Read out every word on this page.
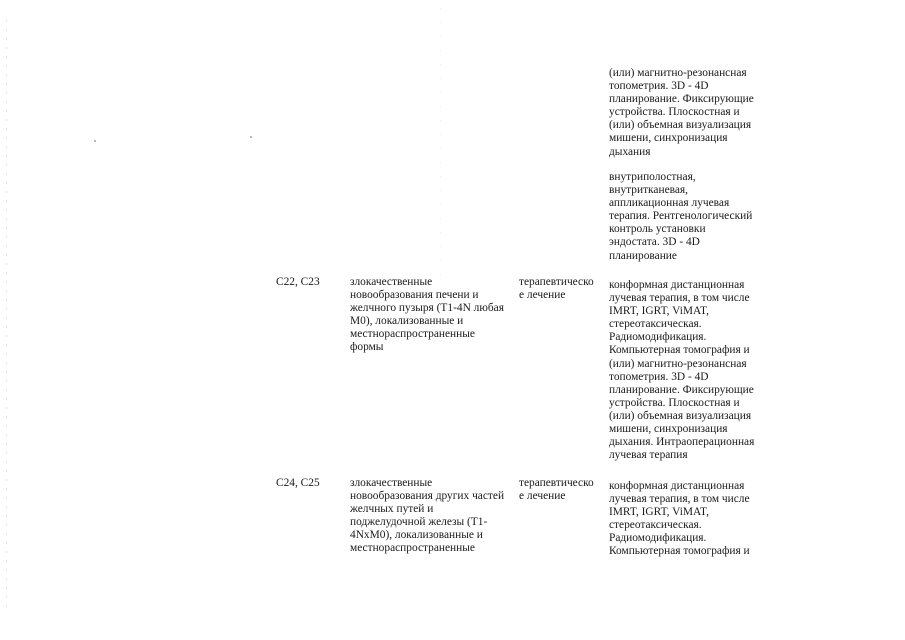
(или) магнитно-резонансная
топометрия. 3D - 4D
планирование. Фиксирующие
устройства. Плоскостная и
(или) объемная визуализация
мишени, синхронизация
дыхания
внутриполостная,
внутритканевая,
аппликационная лучевая
терапия. Рентгенологический
контроль установки
эндостата. 3D - 4D
планирование
C22, C23	злокачественные
новообразования печени и
желчного пузыря (T1-4N любая
M0), локализованные и
местнораспространенные
формы
терапевтическо
е лечение
конформная дистанционная
лучевая терапия, в том числе
IMRT, IGRT, ViMAT,
стереотаксическая.
Радиомодификация.
Компьютерная томография и
(или) магнитно-резонансная
топометрия. 3D - 4D
планирование. Фиксирующие
устройства. Плоскостная и
(или) объемная визуализация
мишени, синхронизация
дыхания. Интраоперационная
лучевая терапия
C24, C25	злокачественные
новообразования других частей
желчных путей и
поджелудочной железы (T1-
4NxM0), локализованные и
местнораспространенные
терапевтическо
е лечение
конформная дистанционная
лучевая терапия, в том числе
IMRT, IGRT, ViMAT,
стереотаксическая.
Радиомодификация.
Компьютерная томография и
